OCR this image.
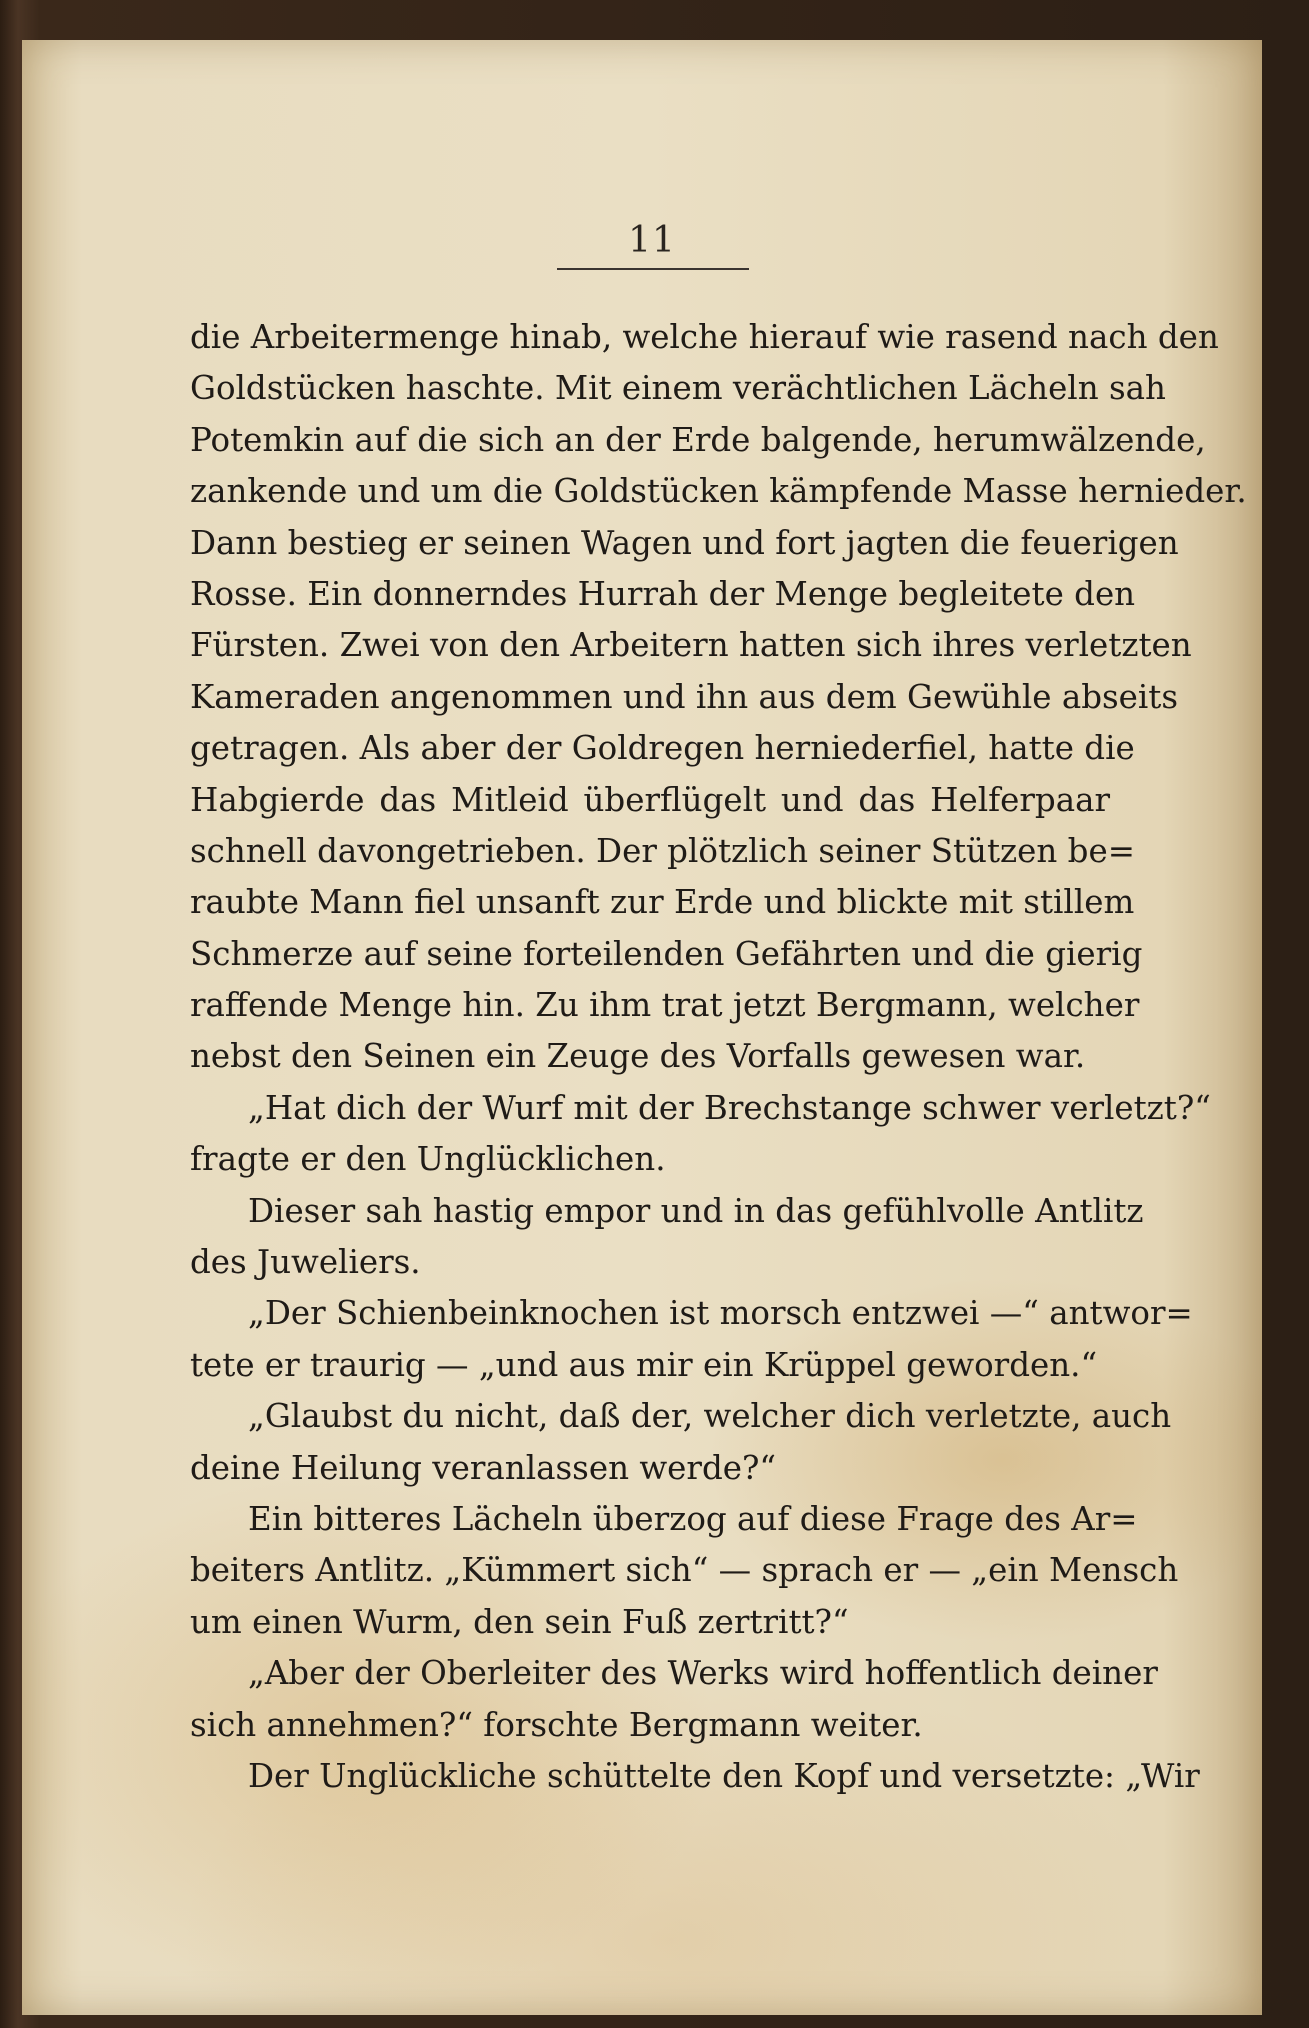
11
die Arbeitermenge hinab, welche hierauf wie rasend nach den
Goldstücken haschte. Mit einem verächtlichen Lächeln sah
Potemkin auf die sich an der Erde balgende, herumwälzende,
zankende und um die Goldstücken kämpfende Masse hernieder.
Dann bestieg er seinen Wagen und fort jagten die feuerigen
Rosse. Ein donnerndes Hurrah der Menge begleitete den
Fürsten. Zwei von den Arbeitern hatten sich ihres verletzten
Kameraden angenommen und ihn aus dem Gewühle abseits
getragen. Als aber der Goldregen herniederfiel, hatte die
Habgierde das Mitleid überflügelt und das Helferpaar
schnell davongetrieben. Der plötzlich seiner Stützen be=
raubte Mann fiel unsanft zur Erde und blickte mit stillem
Schmerze auf seine forteilenden Gefährten und die gierig
raffende Menge hin. Zu ihm trat jetzt Bergmann, welcher
nebst den Seinen ein Zeuge des Vorfalls gewesen war.
„Hat dich der Wurf mit der Brechstange schwer verletzt?“
fragte er den Unglücklichen.
Dieser sah hastig empor und in das gefühlvolle Antlitz
des Juweliers.
„Der Schienbeinknochen ist morsch entzwei —“ antwor=
tete er traurig — „und aus mir ein Krüppel geworden.“
„Glaubst du nicht, daß der, welcher dich verletzte, auch
deine Heilung veranlassen werde?“
Ein bitteres Lächeln überzog auf diese Frage des Ar=
beiters Antlitz. „Kümmert sich“ — sprach er — „ein Mensch
um einen Wurm, den sein Fuß zertritt?“
„Aber der Oberleiter des Werks wird hoffentlich deiner
sich annehmen?“ forschte Bergmann weiter.
Der Unglückliche schüttelte den Kopf und versetzte: „Wir
